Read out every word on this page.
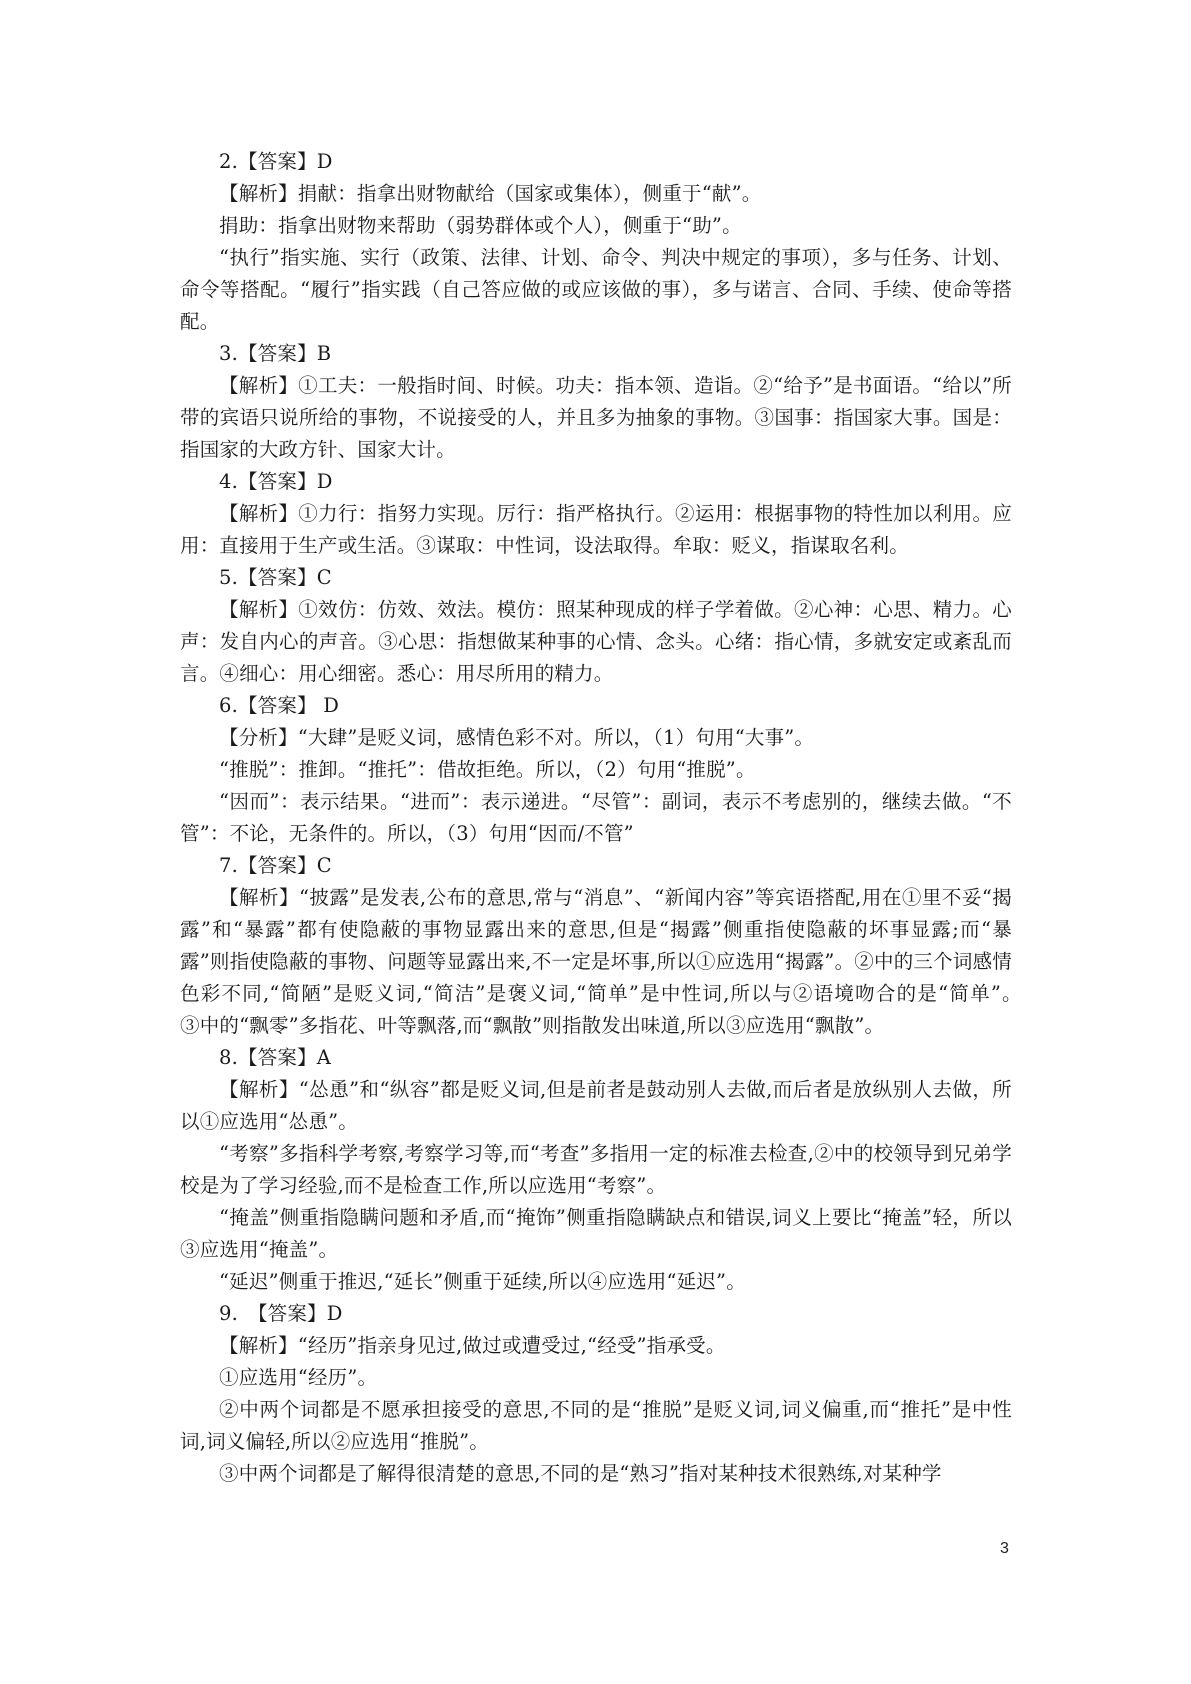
2.【答案】D

【解析】捐献：指拿出财物献给（国家或集体），侧重于“献”。

捐助：指拿出财物来帮助（弱势群体或个人），侧重于“助”。

“执行”指实施、实行（政策、法律、计划、命令、判决中规定的事项），多与任务、计划、命令等搭配。“履行”指实践（自己答应做的或应该做的事），多与诺言、合同、手续、使命等搭配。

3.【答案】B

【解析】①工夫：一般指时间、时候。功夫：指本领、造诣。②“给予”是书面语。“给以”所带的宾语只说所给的事物，不说接受的人，并且多为抽象的事物。③国事：指国家大事。国是：指国家的大政方针、国家大计。

4.【答案】D

【解析】①力行：指努力实现。厉行：指严格执行。②运用：根据事物的特性加以利用。应用：直接用于生产或生活。③谋取：中性词，设法取得。牟取：贬义，指谋取名利。

5.【答案】C

【解析】①效仿：仿效、效法。模仿：照某种现成的样子学着做。②心神：心思、精力。心声：发自内心的声音。③心思：指想做某种事的心情、念头。心绪：指心情，多就安定或紊乱而言。④细心：用心细密。悉心：用尽所用的精力。

6.【答案】 D

【分析】“大肆”是贬义词，感情色彩不对。所以，（1）句用“大事”。

“推脱”：推卸。“推托”：借故拒绝。所以，（2）句用“推脱”。

“因而”：表示结果。“进而”：表示递进。“尽管”：副词，表示不考虑别的，继续去做。“不管”：不论，无条件的。所以，（3）句用“因而/不管”

7.【答案】C

【解析】“披露”是发表,公布的意思,常与“消息”、“新闻内容”等宾语搭配,用在①里不妥“揭露”和“暴露”都有使隐蔽的事物显露出来的意思,但是“揭露”侧重指使隐蔽的坏事显露;而“暴露”则指使隐蔽的事物、问题等显露出来,不一定是坏事,所以①应选用“揭露”。②中的三个词感情色彩不同,“简陋”是贬义词,“简洁”是褒义词,“简单”是中性词,所以与②语境吻合的是“简单”。　　③中的“飘零”多指花、叶等飘落,而“飘散”则指散发出味道,所以③应选用“飘散”。

8.【答案】A

【解析】“怂恿”和“纵容”都是贬义词,但是前者是鼓动别人去做,而后者是放纵别人去做，所以①应选用“怂恿”。

“考察”多指科学考察,考察学习等,而“考查”多指用一定的标准去检查,②中的校领导到兄弟学校是为了学习经验,而不是检查工作,所以应选用“考察”。

“掩盖”侧重指隐瞒问题和矛盾,而“掩饰”侧重指隐瞒缺点和错误,词义上要比“掩盖”轻，所以③应选用“掩盖”。

“延迟”侧重于推迟,“延长”侧重于延续,所以④应选用“延迟”。

9.　【答案】D

【解析】“经历”指亲身见过,做过或遭受过,“经受”指承受。

①应选用“经历”。

②中两个词都是不愿承担接受的意思,不同的是“推脱”是贬义词,词义偏重,而“推托”是中性词,词义偏轻,所以②应选用“推脱”。

③中两个词都是了解得很清楚的意思,不同的是“熟习”指对某种技术很熟练,对某种学

3
